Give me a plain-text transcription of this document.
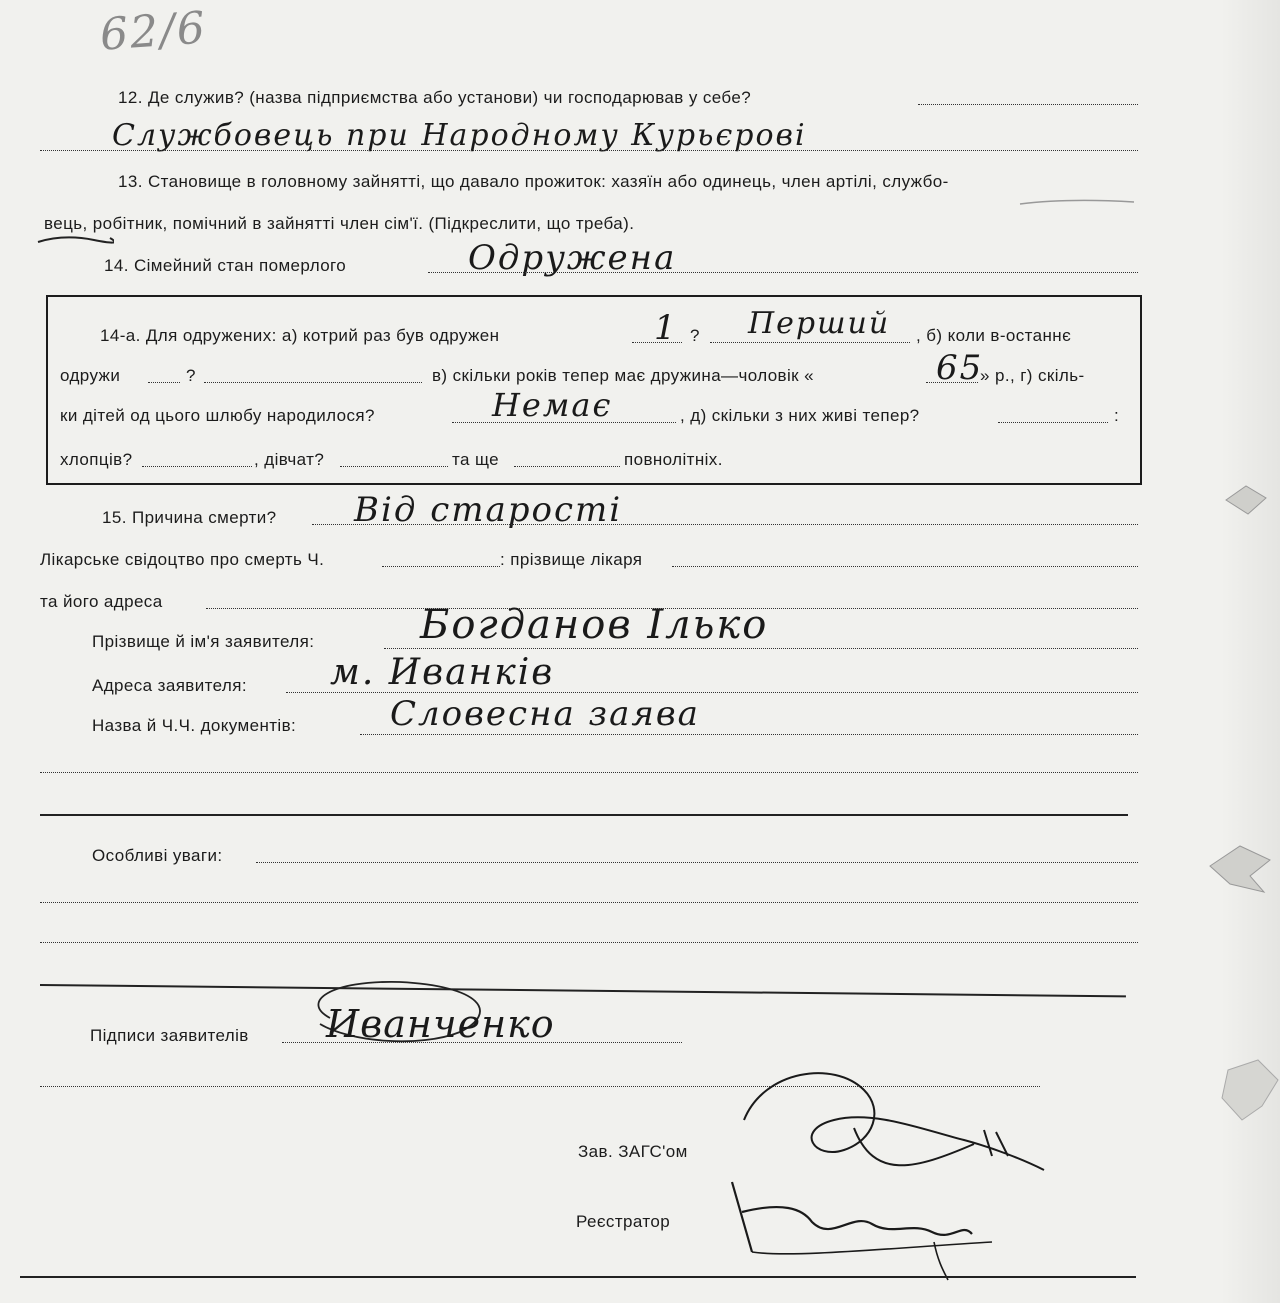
62/6
12. Де служив? (назва підприємства або установи) чи господарював у себе?
Службовець при Народному Курьєрові
13. Становище в головному зайнятті, що давало прожиток: хазяїн або одинець, член артілі, службо-
вець, робітник, помічний в зайнятті член сім'ї. (Підкреслити, що треба).
14. Сімейний стан померлого	Одружена
14-а. Для одружених: а) котрий раз був одружен	1 ? Перший , б) коли в-останнє
одружи	?	в) скільки років тепер має дружина—чоловік «	65
» р., г) скіль-
ки дітей од цього шлюбу народилося?	Немає	, д) скільки з них живі тепер?	:
хлопців?	, дівчат?	та ще	повнолітніх.
15. Причина смерти? Від старості
Лікарське свідоцтво про смерть Ч.	: прізвище лікаря
та його адреса
Прізвище й ім'я заявителя:	Богданов Ілько
Адреса заявителя: м. Иванків
Назва й Ч.Ч. документів:	Словесна заява
Особливі уваги:
Підписи заявителів Иванченко
Зав. ЗАГС'ом
Реєстратор
